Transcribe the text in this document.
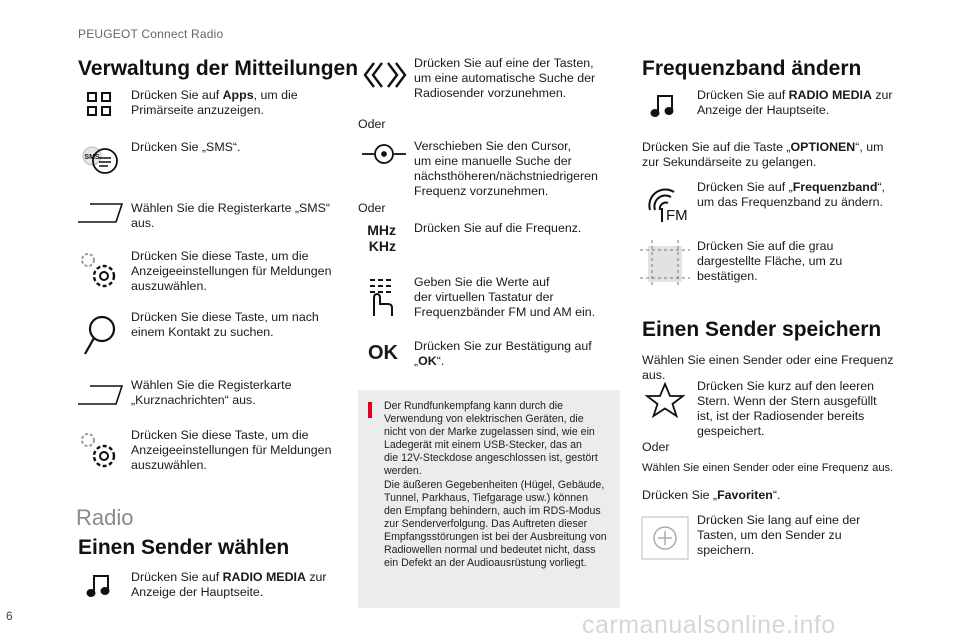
PEUGEOT Connect Radio
Verwaltung der Mitteilungen
Drücken Sie auf Apps, um die
Primärseite anzuzeigen.
SMS
Drücken Sie „SMS“.
Wählen Sie die Registerkarte „SMS“
aus.
Drücken Sie diese Taste, um die
Anzeigeeinstellungen für Meldungen
auszuwählen.
Drücken Sie diese Taste, um nach
einem Kontakt zu suchen.
Wählen Sie die Registerkarte
„Kurznachrichten“ aus.
Drücken Sie diese Taste, um die
Anzeigeeinstellungen für Meldungen
auszuwählen.
Radio
Einen Sender wählen
Drücken Sie auf RADIO MEDIA zur
Anzeige der Hauptseite.
Drücken Sie auf eine der Tasten,
um eine automatische Suche der
Radiosender vorzunehmen.
Oder
Verschieben Sie den Cursor,
um eine manuelle Suche der
nächsthöheren/nächstniedrigeren
Frequenz vorzunehmen.
Oder
MHz
KHz
Drücken Sie auf die Frequenz.
Geben Sie die Werte auf
der virtuellen Tastatur der
Frequenzbänder FM und AM ein.
OK Drücken Sie zur Bestätigung auf
„OK“.
Der Rundfunkempfang kann durch die
Verwendung von elektrischen Geräten, die
nicht von der Marke zugelassen sind, wie ein
Ladegerät mit einem USB-Stecker, das an
die 12V-Steckdose angeschlossen ist, gestört
werden.
Die äußeren Gegebenheiten (Hügel, Gebäude,
Tunnel, Parkhaus, Tiefgarage usw.) können
den Empfang behindern, auch im RDS-Modus
zur Senderverfolgung. Das Auftreten dieser
Empfangsstörungen ist bei der Ausbreitung von
Radiowellen normal und bedeutet nicht, dass
ein Defekt an der Audioausrüstung vorliegt.
Frequenzband ändern
Drücken Sie auf RADIO MEDIA zur
Anzeige der Hauptseite.
Drücken Sie auf die Taste „OPTIONEN“, um
zur Sekundärseite zu gelangen.
FM
Drücken Sie auf „Frequenzband“,
um das Frequenzband zu ändern.
Drücken Sie auf die grau
dargestellte Fläche, um zu
bestätigen.
Einen Sender speichern
Wählen Sie einen Sender oder eine Frequenz
aus.
Drücken Sie kurz auf den leeren
Stern. Wenn der Stern ausgefüllt
ist, ist der Radiosender bereits
gespeichert.
Oder
Wählen Sie einen Sender oder eine Frequenz aus.
Drücken Sie „Favoriten“.
Drücken Sie lang auf eine der
Tasten, um den Sender zu
speichern.
6	carmanualsonline.info
